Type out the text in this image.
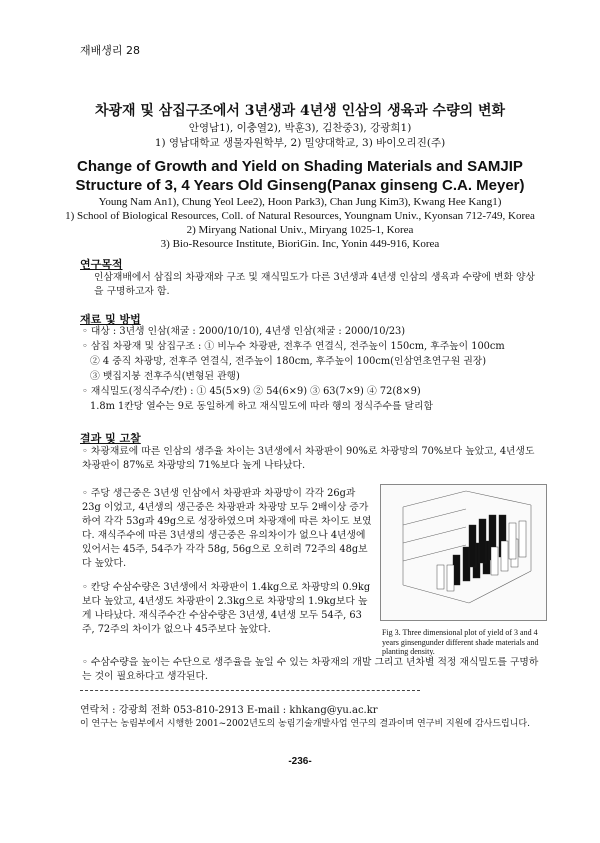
재배생리 28
차광재 및 삼집구조에서 3년생과 4년생 인삼의 생육과 수량의 변화
안영남1), 이충열2), 박훈3), 김찬중3), 강광희1)
1) 영남대학교 생물자원학부, 2) 밀양대학교, 3) 바이오리진(주)
Change of Growth and Yield on Shading Materials and SAMJIP
Structure of 3, 4 Years Old Ginseng(Panax ginseng C.A. Meyer)
Young Nam An1), Chung Yeol Lee2), Hoon Park3), Chan Jung Kim3), Kwang Hee Kang1)
1) School of Biological Resources, Coll. of Natural Resources, Youngnam Univ., Kyonsan 712-749, Korea
2) Miryang National Univ., Miryang 1025-1, Korea
3) Bio-Resource Institute, BioriGin. Inc, Yonin 449-916, Korea
연구목적
인삼재배에서 삼집의 차광재와 구조 및 재식밀도가 다른 3년생과 4년생 인삼의 생육과 수량에 변화 양상을 구명하고자 함.
재료 및 방법
◦ 대상 : 3년생 인삼(채굴 : 2000/10/10), 4년생 인삼(채굴 : 2000/10/23)
◦ 삼집 차광재 및 삼집구조 : ① 비누수 차광판, 전후주 연결식, 전주높이 150cm, 후주높이 100cm
② 4 중직 차광망, 전후주 연결식, 전주높이 180cm, 후주높이 100cm(인삼연초연구원 권장)
③ 뱃집지붕 전후주식(변형된 관행)
◦ 재식밀도(정식주수/칸) : ① 45(5×9) ② 54(6×9) ③ 63(7×9) ④ 72(8×9)
1.8m 1칸당 열수는 9로 동일하게 하고 재식밀도에 따라 행의 정식주수를 달리함
결과 및 고찰
◦ 차광재료에 따른 인삼의 생주율 차이는 3년생에서 차광판이 90%로 차광망의 70%보다 높았고, 4년생도 차광판이 87%로 차광망의 71%보다 높게 나타났다.
◦ 주당 생근중은 3년생 인삼에서 차광판과 차광망이 각각 26g과 23g 이었고, 4년생의 생근중은 차광판과 차광망 모두 2배이상 증가하여 각각 53g과 49g으로 성장하였으며 차광재에 따른 차이도 보였다. 재식주수에 따른 3년생의 생근중은 유의차이가 없으나 4년생에 있어서는 45주, 54주가 각각 58g, 56g으로 오히려 72주의 48g보다 높았다.
◦ 칸당 수삼수량은 3년생에서 차광판이 1.4kg으로 차광망의 0.9kg 보다 높았고, 4년생도 차광판이 2.3kg으로 차광망의 1.9kg보다 높게 나타났다. 재식주수간 수삼수량은 3년생, 4년생 모두 54주, 63주, 72주의 차이가 없으나 45주보다 높았다.
◦ 수삼수량을 높이는 수단으로 생주율을 높일 수 있는 차광재의 개발 그리고 년차별 적정 재식밀도를 구명하는 것이 필요하다고 생각된다.
Fig 3. Three dimensional plot of yield of 3 and 4 years ginsengunder different shade materials and planting density.
연락처 : 강광희 전화 053-810-2913 E-mail : khkang@yu.ac.kr
이 연구는 농림부에서 시행한 2001~2002년도의 농림기술개발사업 연구의 결과이며 연구비 지원에 감사드립니다.
-236-
